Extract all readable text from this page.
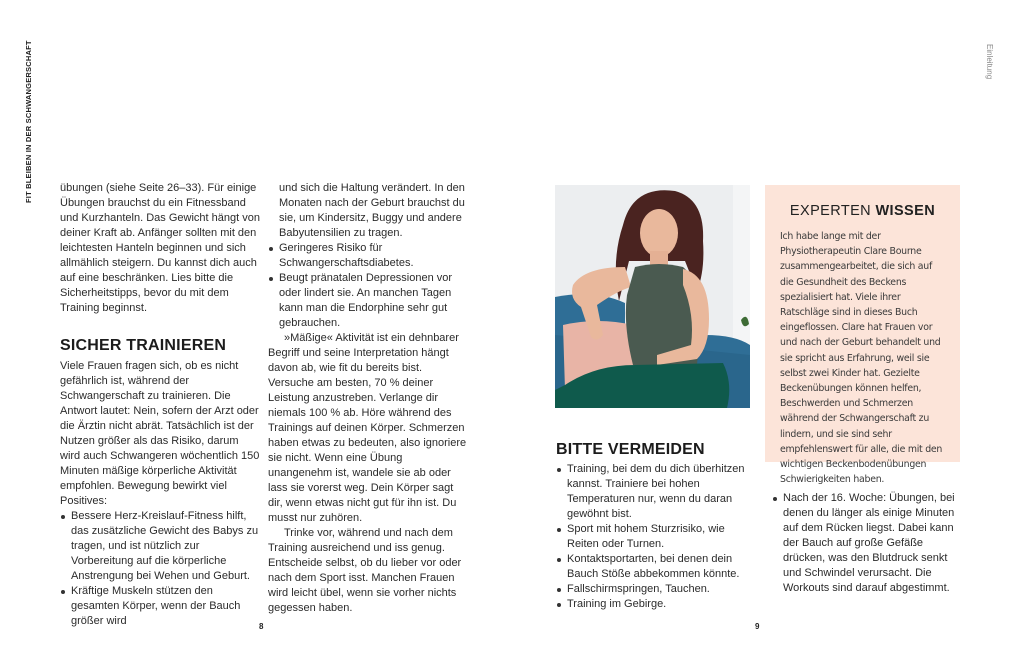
FIT BLEIBEN IN DER SCHWANGERSCHAFT	Einleitung

übungen (siehe Seite 26–33). Für einige Übungen brauchst du ein Fitnessband und Kurzhanteln. Das Gewicht hängt von deiner Kraft ab. Anfänger sollten mit den leichtesten Hanteln beginnen und sich allmählich steigern. Du kannst dich auch auf eine beschränken. Lies bitte die Sicherheitstipps, bevor du mit dem Training beginnst.

SICHER TRAINIEREN

Viele Frauen fragen sich, ob es nicht gefährlich ist, während der Schwangerschaft zu trainieren. Die Antwort lautet: Nein, sofern der Arzt oder die Ärztin nicht abrät. Tatsächlich ist der Nutzen größer als das Risiko, darum wird auch Schwangeren wöchentlich 150 Minuten mäßige körperliche Aktivität empfohlen. Bewegung bewirkt viel Positives:

Bessere Herz-Kreislauf-Fitness hilft, das zusätzliche Gewicht des Babys zu tragen, und ist nützlich zur Vorbereitung auf die körperliche Anstrengung bei Wehen und Geburt.
Kräftige Muskeln stützen den gesamten Körper, wenn der Bauch größer wird
und sich die Haltung verändert. In den Monaten nach der Geburt brauchst du sie, um Kindersitz, Buggy und andere Babyutensilien zu tragen.
Geringeres Risiko für Schwangerschaftsdiabetes.
Beugt pränatalen Depressionen vor oder lindert sie. An manchen Tagen kann man die Endorphine sehr gut gebrauchen.

»Mäßige« Aktivität ist ein dehnbarer Begriff und seine Interpretation hängt davon ab, wie fit du bereits bist. Versuche am besten, 70 % deiner Leistung anzustreben. Verlange dir niemals 100 % ab. Höre während des Trainings auf deinen Körper. Schmerzen haben etwas zu bedeuten, also ignoriere sie nicht. Wenn eine Übung unangenehm ist, wandele sie ab oder lass sie vorerst weg. Dein Körper sagt dir, wenn etwas nicht gut für ihn ist. Du musst nur zuhören.

Trinke vor, während und nach dem Training ausreichend und iss genug. Entscheide selbst, ob du lieber vor oder nach dem Sport isst. Manchen Frauen wird leicht übel, wenn sie vorher nichts gegessen haben.

8
EXPERTEN WISSEN
Ich habe lange mit der Physiotherapeutin Clare Bourne zusammengearbeitet, die sich auf die Gesundheit des Beckens spezialisiert hat. Viele ihrer Ratschläge sind in dieses Buch eingeflossen. Clare hat Frauen vor und nach der Geburt behandelt und sie spricht aus Erfahrung, weil sie selbst zwei Kinder hat. Gezielte Beckenübungen können helfen, Beschwerden und Schmerzen während der Schwangerschaft zu lindern, und sie sind sehr empfehlenswert für alle, die mit den wichtigen Beckenbodenübungen Schwierigkeiten haben.
BITTE VERMEIDEN
Training, bei dem du dich überhitzen kannst. Trainiere bei hohen Temperaturen nur, wenn du daran gewöhnt bist.
Sport mit hohem Sturzrisiko, wie Reiten oder Turnen.
Kontaktsportarten, bei denen dein Bauch Stöße abbekommen könnte.
Fallschirmspringen, Tauchen.
Training im Gebirge.
Nach der 16. Woche: Übungen, bei denen du länger als einige Minuten auf dem Rücken liegst. Dabei kann der Bauch auf große Gefäße drücken, was den Blutdruck senkt und Schwindel verursacht. Die Workouts sind darauf abgestimmt.
9
